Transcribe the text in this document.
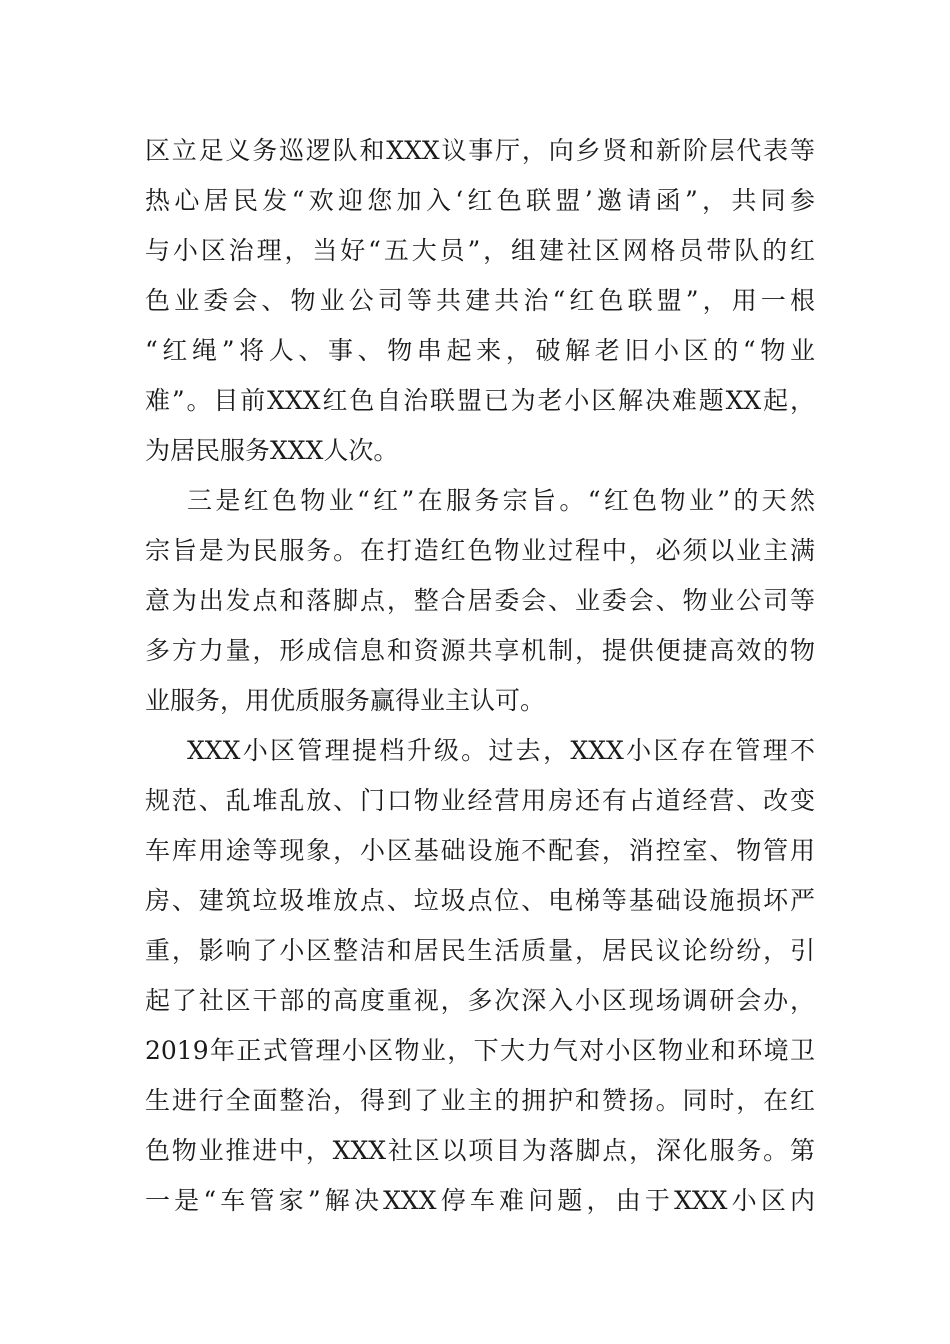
区立足义务巡逻队和XXX议事厅，向乡贤和新阶层代表等
热心居民发“欢迎您加入‘红色联盟’邀请函”，共同参
与小区治理，当好“五大员”，组建社区网格员带队的红
色业委会、物业公司等共建共治“红色联盟”，用一根
“红绳”将人、事、物串起来，破解老旧小区的“物业
难”。目前XXX红色自治联盟已为老小区解决难题XX起，
为居民服务XXX人次。
三是红色物业“红”在服务宗旨。“红色物业”的天然
宗旨是为民服务。在打造红色物业过程中，必须以业主满
意为出发点和落脚点，整合居委会、业委会、物业公司等
多方力量，形成信息和资源共享机制，提供便捷高效的物
业服务，用优质服务赢得业主认可。
XXX小区管理提档升级。过去，XXX小区存在管理不
规范、乱堆乱放、门口物业经营用房还有占道经营、改变
车库用途等现象，小区基础设施不配套，消控室、物管用
房、建筑垃圾堆放点、垃圾点位、电梯等基础设施损坏严
重，影响了小区整洁和居民生活质量，居民议论纷纷，引
起了社区干部的高度重视，多次深入小区现场调研会办，
2019年正式管理小区物业，下大力气对小区物业和环境卫
生进行全面整治，得到了业主的拥护和赞扬。同时，在红
色物业推进中，XXX社区以项目为落脚点，深化服务。第
一是“车管家”解决XXX停车难问题，由于XXX小区内
